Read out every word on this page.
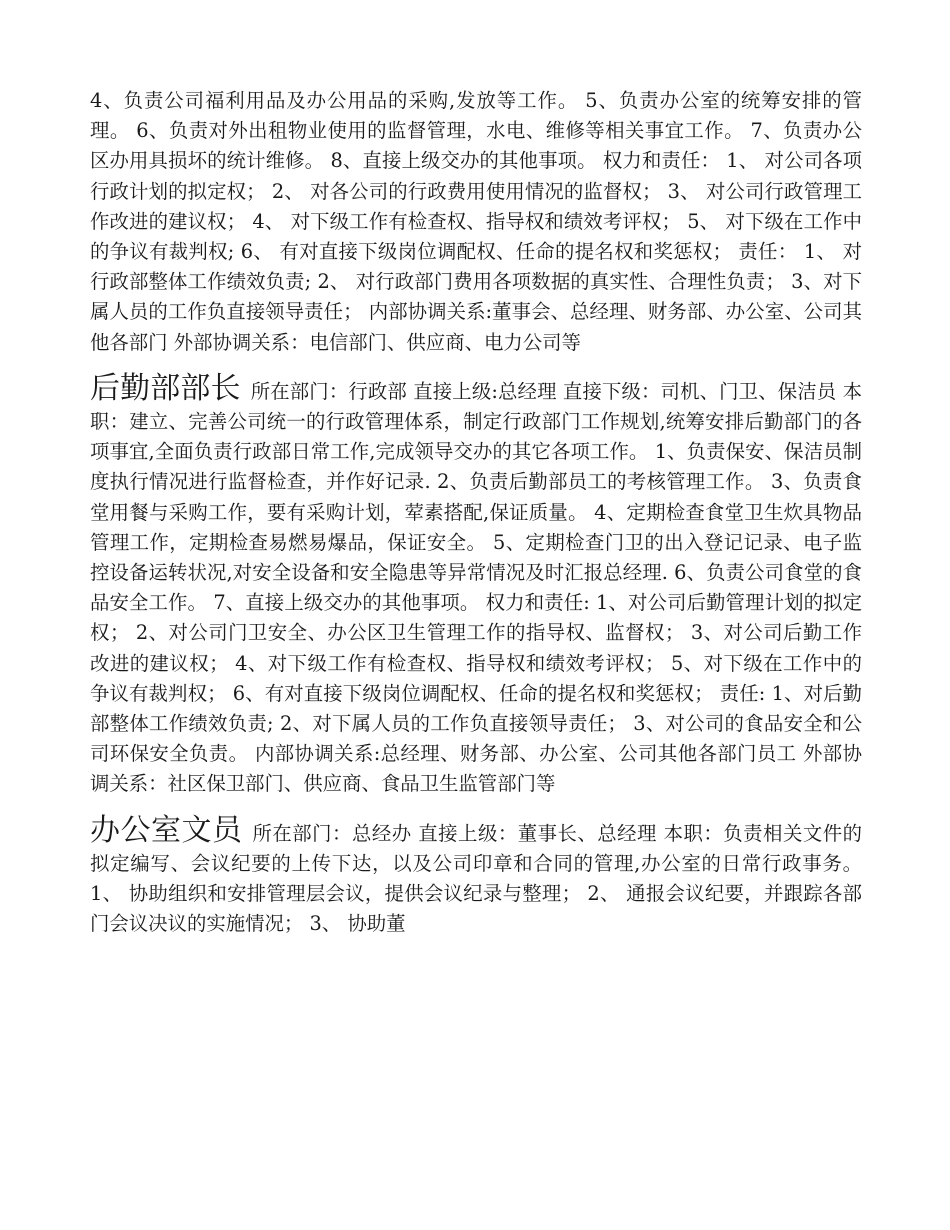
4、负责公司福利用品及办公用品的采购,发放等工作。 5、负责办公室的统筹安排的管理。 6、负责对外出租物业使用的监督管理，水电、维修等相关事宜工作。 7、负责办公区办用具损坏的统计维修。 8、直接上级交办的其他事项。 权力和责任： 1、 对公司各项行政计划的拟定权； 2、 对各公司的行政费用使用情况的监督权； 3、 对公司行政管理工作改进的建议权； 4、 对下级工作有检查权、指导权和绩效考评权； 5、 对下级在工作中的争议有裁判权; 6、 有对直接下级岗位调配权、任命的提名权和奖惩权； 责任： 1、 对行政部整体工作绩效负责; 2、 对行政部门费用各项数据的真实性、合理性负责； 3、对下属人员的工作负直接领导责任； 内部协调关系:董事会、总经理、财务部、办公室、公司其他各部门 外部协调关系：电信部门、供应商、电力公司等

后勤部部长 所在部门：行政部 直接上级:总经理 直接下级：司机、门卫、保洁员 本职：建立、完善公司统一的行政管理体系，制定行政部门工作规划,统筹安排后勤部门的各项事宜,全面负责行政部日常工作,完成领导交办的其它各项工作。 1、负责保安、保洁员制度执行情况进行监督检查，并作好记录. 2、负责后勤部员工的考核管理工作。 3、负责食堂用餐与采购工作，要有采购计划，荤素搭配,保证质量。 4、定期检查食堂卫生炊具物品管理工作，定期检查易燃易爆品，保证安全。 5、定期检查门卫的出入登记记录、电子监控设备运转状况,对安全设备和安全隐患等异常情况及时汇报总经理. 6、负责公司食堂的食品安全工作。 7、直接上级交办的其他事项。 权力和责任: 1、对公司后勤管理计划的拟定权； 2、对公司门卫安全、办公区卫生管理工作的指导权、监督权； 3、对公司后勤工作改进的建议权； 4、对下级工作有检查权、指导权和绩效考评权； 5、对下级在工作中的争议有裁判权； 6、有对直接下级岗位调配权、任命的提名权和奖惩权； 责任: 1、对后勤部整体工作绩效负责; 2、对下属人员的工作负直接领导责任； 3、对公司的食品安全和公司环保安全负责。 内部协调关系:总经理、财务部、办公室、公司其他各部门员工 外部协调关系：社区保卫部门、供应商、食品卫生监管部门等

办公室文员 所在部门：总经办 直接上级：董事长、总经理 本职：负责相关文件的拟定编写、会议纪要的上传下达，以及公司印章和合同的管理,办公室的日常行政事务。 1、 协助组织和安排管理层会议，提供会议纪录与整理； 2、 通报会议纪要，并跟踪各部门会议决议的实施情况； 3、 协助董
